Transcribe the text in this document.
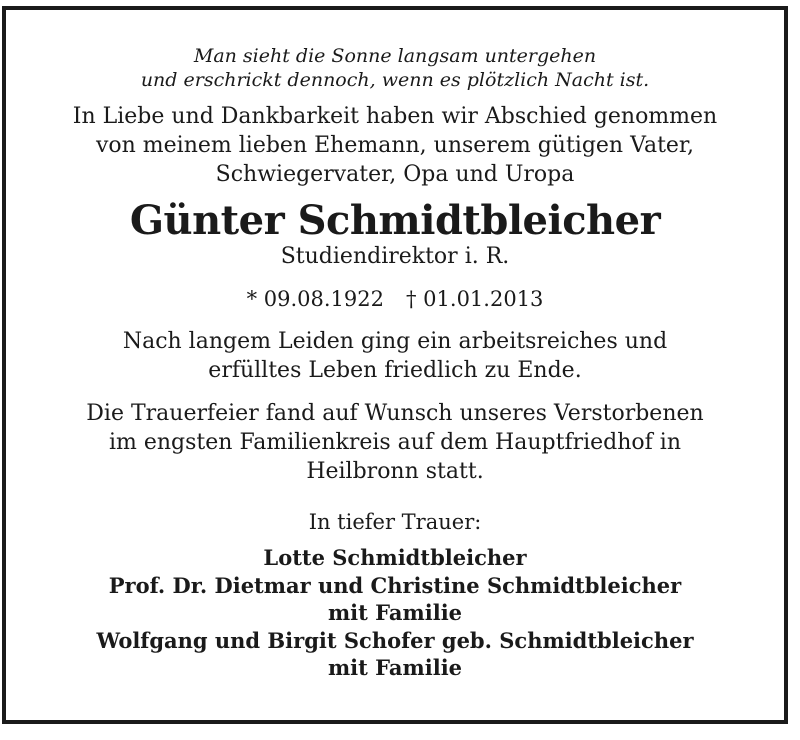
Man sieht die Sonne langsam untergehen
und erschrickt dennoch, wenn es plötzlich Nacht ist.
In Liebe und Dankbarkeit haben wir Abschied genommen
von meinem lieben Ehemann, unserem gütigen Vater,
Schwiegervater, Opa und Uropa
Günter Schmidtbleicher
Studiendirektor i. R.
* 09.08.1922 † 01.01.2013
Nach langem Leiden ging ein arbeitsreiches und
erfülltes Leben friedlich zu Ende.
Die Trauerfeier fand auf Wunsch unseres Verstorbenen
im engsten Familienkreis auf dem Hauptfriedhof in
Heilbronn statt.
In tiefer Trauer:
Lotte Schmidtbleicher
Prof. Dr. Dietmar und Christine Schmidtbleicher
mit Familie
Wolfgang und Birgit Schofer geb. Schmidtbleicher
mit Familie
